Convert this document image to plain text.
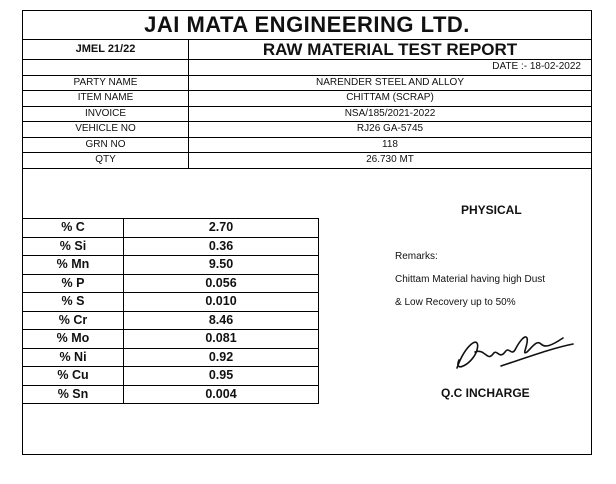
JAI MATA ENGINEERING LTD.
JMEL 21/22	RAW MATERIAL TEST REPORT
DATE :- 18-02-2022
PARTY NAME	NARENDER STEEL AND ALLOY
ITEM NAME	CHITTAM (SCRAP)
INVOICE	NSA/185/2021-2022
VEHICLE NO	RJ26 GA-5745
GRN NO	118
QTY	26.730 MT
% C	2.70
% Si	0.36
% Mn	9.50
% P	0.056
% S	0.010
% Cr	8.46
% Mo	0.081
% Ni	0.92
% Cu	0.95
% Sn	0.004
PHYSICAL
Remarks:
Chittam Material having high Dust
& Low Recovery up to 50%
Q.C INCHARGE
